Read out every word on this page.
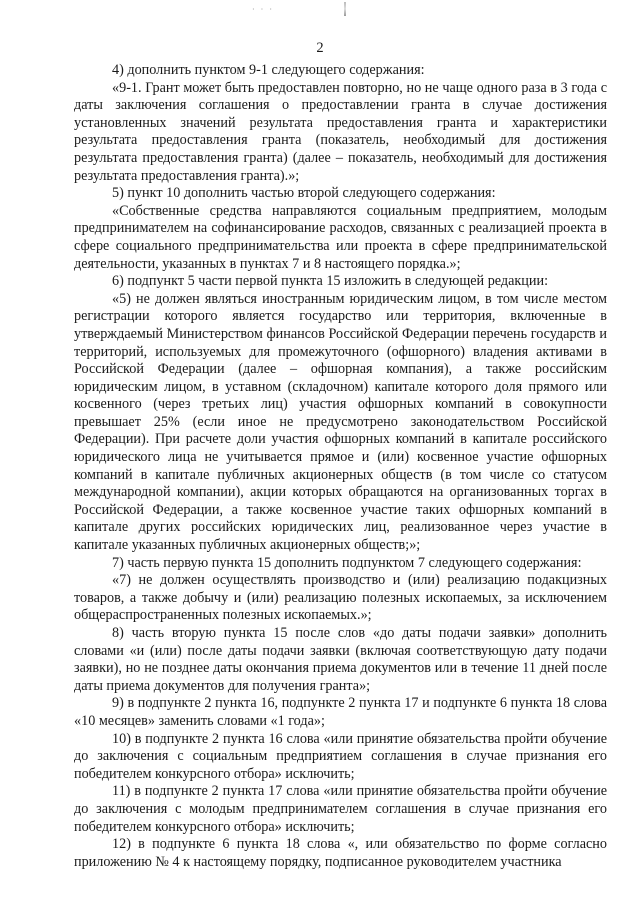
· · ·
2

4) дополнить пунктом 9-1 следующего содержания:

«9-1. Грант может быть предоставлен повторно, но не чаще одного раза в 3 года с даты заключения соглашения о предоставлении гранта в случае достижения установленных значений результата предоставления гранта и характеристики результата предоставления гранта (показатель, необходимый для достижения результата предоставления гранта) (далее – показатель, необходимый для достижения результата предоставления гранта).»;

5) пункт 10 дополнить частью второй следующего содержания:

«Собственные средства направляются социальным предприятием, молодым предпринимателем на софинансирование расходов, связанных с реализацией проекта в сфере социального предпринимательства или проекта в сфере предпринимательской деятельности, указанных в пунктах 7 и 8 настоящего порядка.»;

6) подпункт 5 части первой пункта 15 изложить в следующей редакции:

«5) не должен являться иностранным юридическим лицом, в том числе местом регистрации которого является государство или территория, включенные в утверждаемый Министерством финансов Российской Федерации перечень государств и территорий, используемых для промежуточного (офшорного) владения активами в Российской Федерации (далее – офшорная компания), а также российским юридическим лицом, в уставном (складочном) капитале которого доля прямого или косвенного (через третьих лиц) участия офшорных компаний в совокупности превышает 25% (если иное не предусмотрено законодательством Российской Федерации). При расчете доли участия офшорных компаний в капитале российского юридического лица не учитывается прямое и (или) косвенное участие офшорных компаний в капитале публичных акционерных обществ (в том числе со статусом международной компании), акции которых обращаются на организованных торгах в Российской Федерации, а также косвенное участие таких офшорных компаний в капитале других российских юридических лиц, реализованное через участие в капитале указанных публичных акционерных обществ;»;

7) часть первую пункта 15 дополнить подпунктом 7 следующего содержания:

«7) не должен осуществлять производство и (или) реализацию подакцизных товаров, а также добычу и (или) реализацию полезных ископаемых, за исключением общераспространенных полезных ископаемых.»;

8) часть вторую пункта 15 после слов «до даты подачи заявки» дополнить словами «и (или) после даты подачи заявки (включая соответствующую дату подачи заявки), но не позднее даты окончания приема документов или в течение 11 дней после даты приема документов для получения гранта»;

9) в подпункте 2 пункта 16, подпункте 2 пункта 17 и подпункте 6 пункта 18 слова «10 месяцев» заменить словами «1 года»;

10) в подпункте 2 пункта 16 слова «или принятие обязательства пройти обучение до заключения с социальным предприятием соглашения в случае признания его победителем конкурсного отбора» исключить;

11) в подпункте 2 пункта 17 слова «или принятие обязательства пройти обучение до заключения с молодым предпринимателем соглашения в случае признания его победителем конкурсного отбора» исключить;

12) в подпункте 6 пункта 18 слова «, или обязательство по форме согласно приложению № 4 к настоящему порядку, подписанное руководителем участника
